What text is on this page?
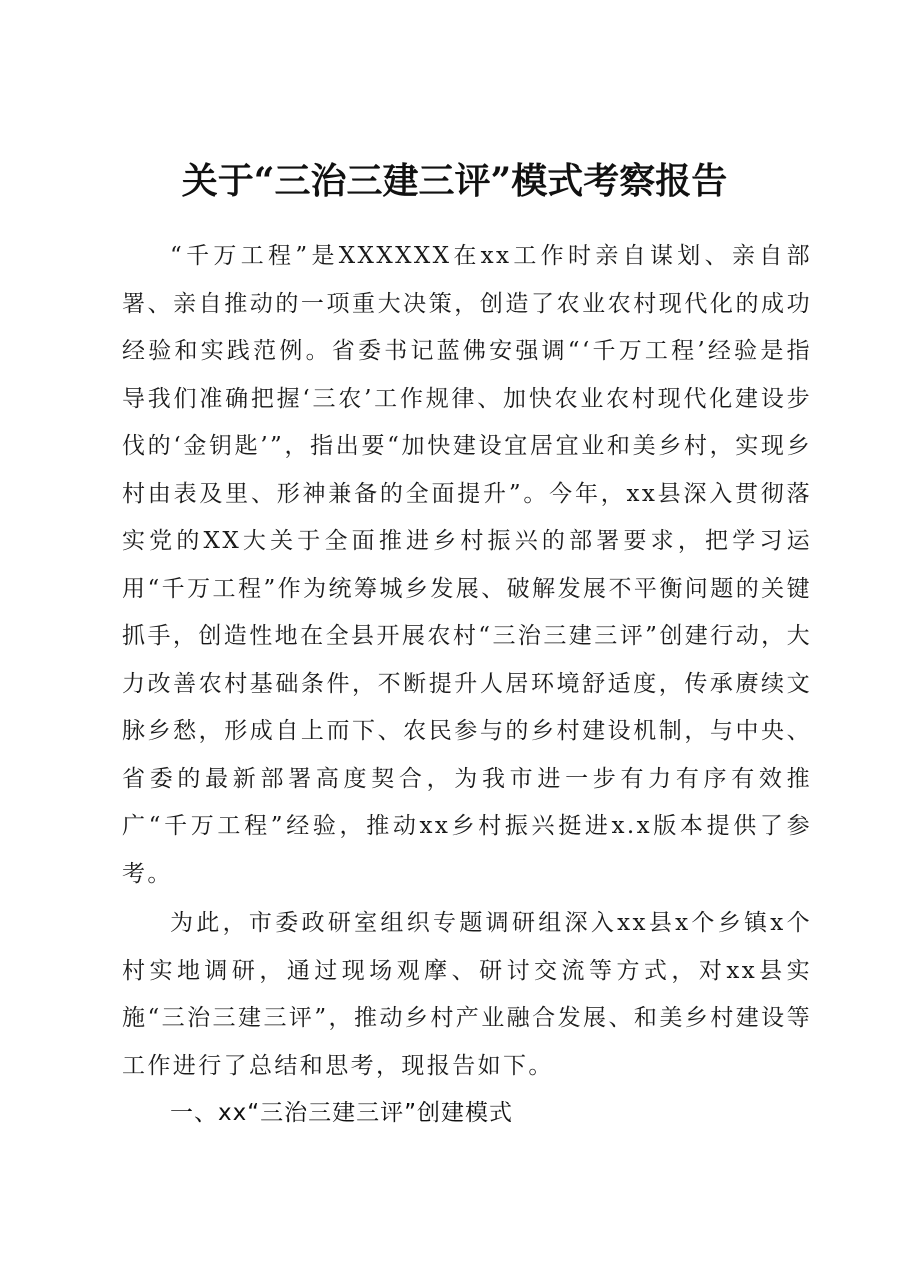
关于“三治三建三评”模式考察报告

“千万工程”是XXXXXX在xx工作时亲自谋划、亲自部署、亲自推动的一项重大决策，创造了农业农村现代化的成功经验和实践范例。省委书记蓝佛安强调“‘千万工程’经验是指导我们准确把握‘三农’工作规律、加快农业农村现代化建设步伐的‘金钥匙’”，指出要“加快建设宜居宜业和美乡村，实现乡村由表及里、形神兼备的全面提升”。今年，xx县深入贯彻落实党的XX大关于全面推进乡村振兴的部署要求，把学习运用“千万工程”作为统筹城乡发展、破解发展不平衡问题的关键抓手，创造性地在全县开展农村“三治三建三评”创建行动，大力改善农村基础条件，不断提升人居环境舒适度，传承赓续文脉乡愁，形成自上而下、农民参与的乡村建设机制，与中央、省委的最新部署高度契合，为我市进一步有力有序有效推广“千万工程”经验，推动xx乡村振兴挺进x.x版本提供了参考。

为此，市委政研室组织专题调研组深入xx县x个乡镇x个村实地调研，通过现场观摩、研讨交流等方式，对xx县实施“三治三建三评”，推动乡村产业融合发展、和美乡村建设等工作进行了总结和思考，现报告如下。

一、xx“三治三建三评”创建模式
